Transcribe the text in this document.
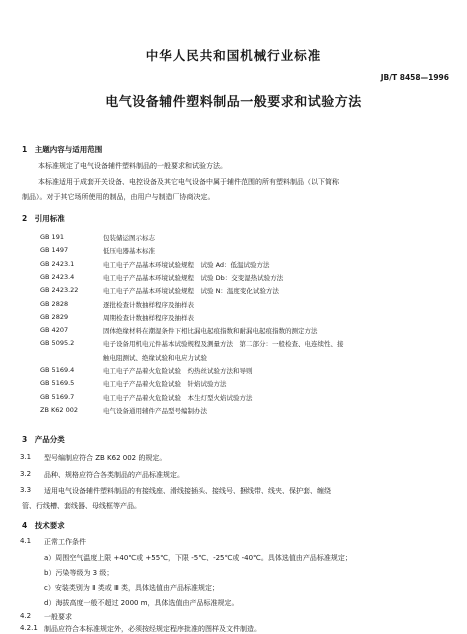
中华人民共和国机械行业标准
JB/T 8458—1996
电气设备辅件塑料制品一般要求和试验方法
1　主题内容与适用范围
本标准规定了电气设备辅件塑料制品的一般要求和试验方法。
本标准适用于成套开关设备、电控设备及其它电气设备中属于辅件范围的所有塑料制品（以下简称
制品）。对于其它场所使用的制品，由用户与制造厂协商决定。
2　引用标准
GB 191	包装储运图示标志
GB 1497	低压电器基本标准
GB 2423.1	电工电子产品基本环境试验规程　试验 Ad：低温试验方法
GB 2423.4	电工电子产品基本环境试验规程　试验 Db：交变湿热试验方法
GB 2423.22	电工电子产品基本环境试验规程　试验 N：温度变化试验方法
GB 2828	逐批检查计数抽样程序及抽样表
GB 2829	周期检查计数抽样程序及抽样表
GB 4207	固体绝缘材料在潮湿条件下相比漏电起痕指数和耐漏电起痕指数的测定方法
GB 5095.2	电子设备用机电元件基本试验规程及测量方法　第二部分：一般检查、电连续性、接
触电阻测试、绝缘试验和电应力试验
GB 5169.4	电工电子产品着火危险试验　灼热丝试验方法和导则
GB 5169.5	电工电子产品着火危险试验　针焰试验方法
GB 5169.7	电工电子产品着火危险试验　本生灯型火焰试验方法
ZB K62 002	电气设备通用辅件产品型号编制办法
3　产品分类
3.1 型号编制应符合 ZB K62 002 的规定。
3.2 品种、规格应符合各类制品的产品标准规定。
3.3 适用电气设备辅件塑料制品的有接线座、滑线接插头、接线号、捆线带、线夹、保护套、缠绕
管、行线槽、套线器、母线框等产品。
4　技术要求
4.1 正常工作条件
a）周围空气温度上限 +40℃或 +55℃，下限 -5℃、-25℃或 -40℃。具体选值由产品标准规定；
b）污染等级为 3 级；
c）安装类别为 Ⅱ 类或 Ⅲ 类，具体选值由产品标准规定；
d）海拔高度一般不超过 2000 m，具体选值由产品标准规定。
4.2 一般要求
4.2.1 制品应符合本标准规定外，必须按经规定程序批准的图样及文件制造。
